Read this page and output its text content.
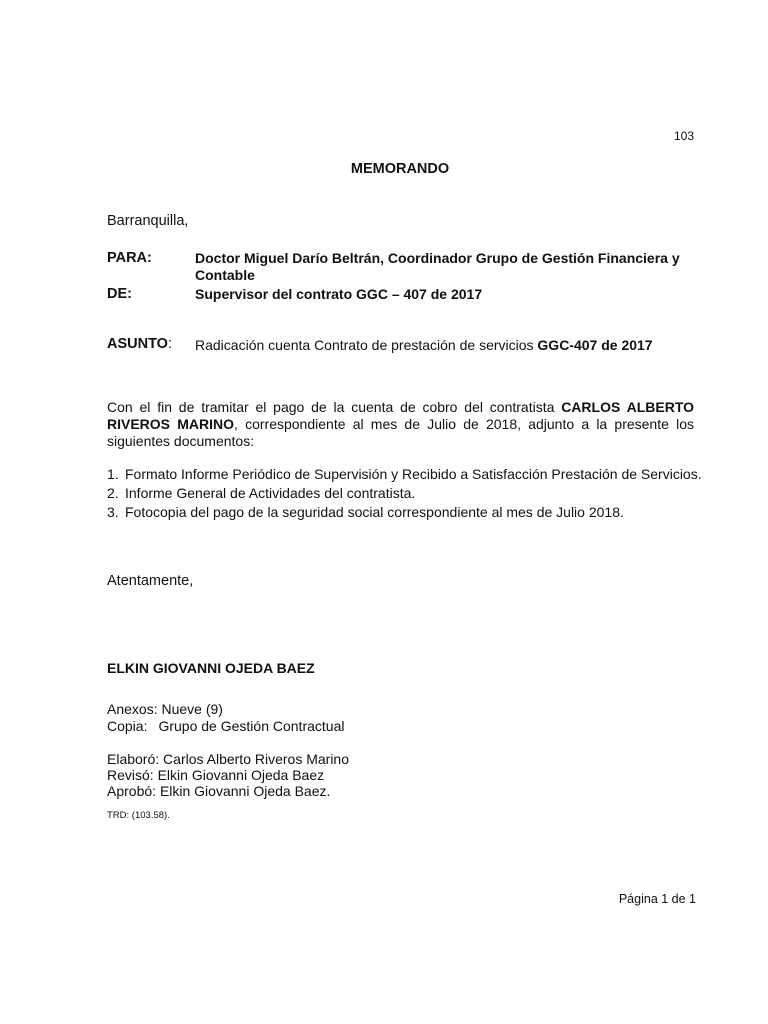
103
MEMORANDO
Barranquilla,
PARA:	Doctor Miguel Darío Beltrán, Coordinador Grupo de Gestión Financiera y Contable
DE:	Supervisor del contrato GGC – 407 de 2017
ASUNTO: Radicación cuenta Contrato de prestación de servicios GGC-407 de 2017
Con el fin de tramitar el pago de la cuenta de cobro del contratista CARLOS ALBERTO RIVEROS MARINO, correspondiente al mes de Julio de 2018, adjunto a la presente los siguientes documentos:
1. Formato Informe Periódico de Supervisión y Recibido a Satisfacción Prestación de Servicios.
2. Informe General de Actividades del contratista.
3. Fotocopia del pago de la seguridad social correspondiente al mes de Julio 2018.
Atentamente,
ELKIN GIOVANNI OJEDA BAEZ
Anexos: Nueve (9)
Copia: Grupo de Gestión Contractual
Elaboró: Carlos Alberto Riveros Marino
Revisó: Elkin Giovanni Ojeda Baez
Aprobó: Elkin Giovanni Ojeda Baez.
TRD: (103.58).
Página 1 de 1
